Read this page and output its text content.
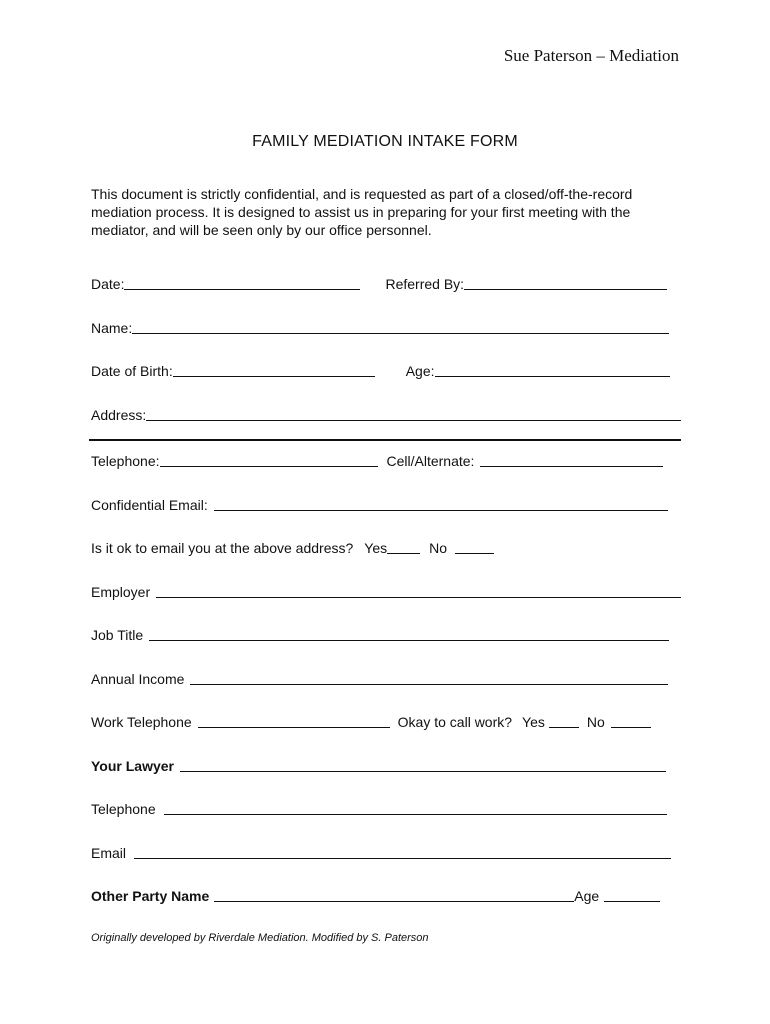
Sue Paterson – Mediation
FAMILY MEDIATION INTAKE FORM
This document is strictly confidential, and is requested as part of a closed/off-the-record mediation process. It is designed to assist us in preparing for your first meeting with the mediator, and will be seen only by our office personnel.
Date:	Referred By:
Name:
Date of Birth:	Age:
Address:
Telephone:	Cell/Alternate:
Confidential Email:
Is it ok to email you at the above address? Yes	No
Employer
Job Title
Annual Income
Work Telephone	Okay to call work? Yes	No
Your Lawyer
Telephone
Email
Other Party Name	Age
Originally developed by Riverdale Mediation. Modified by S. Paterson
